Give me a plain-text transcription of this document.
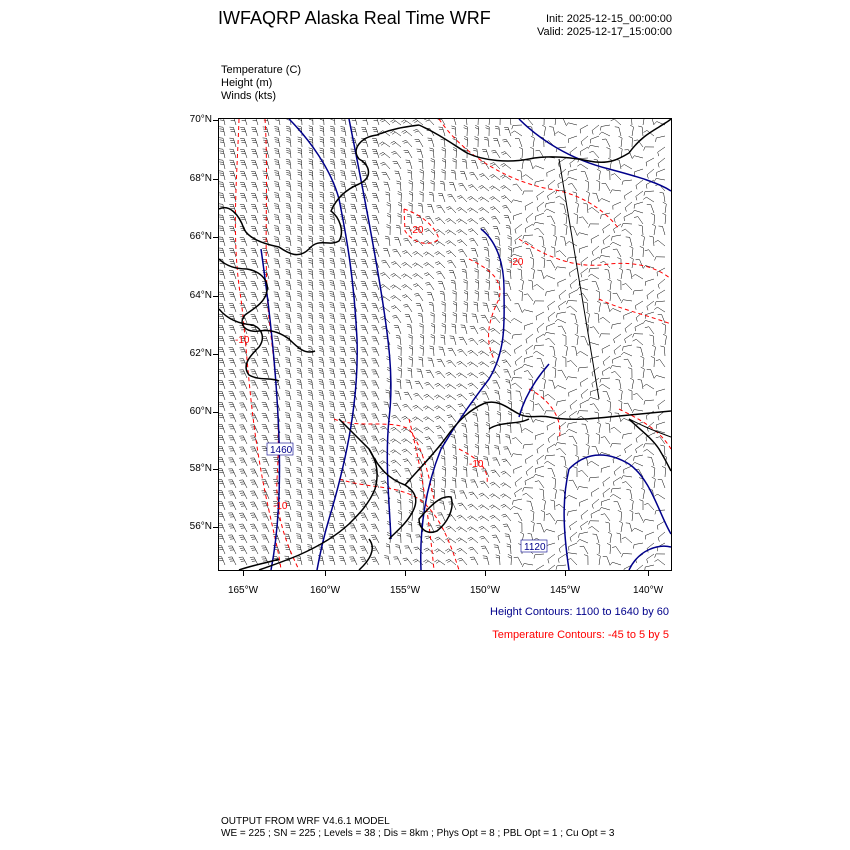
IWFAQRP Alaska Real Time WRF	Init: 2025-12-15_00:00:00
Valid: 2025-12-17_15:00:00
Temperature (C)
Height (m)
Winds (kts)
70°N
68°N
66°N
64°N
62°N
60°N
58°N
56°N
165°W	160°W	155°W	150°W	145°W	140°W
1460
1120
-20
-20
-10
-10
-10
Height Contours: 1100 to 1640 by 60
Temperature Contours: -45 to 5 by 5
OUTPUT FROM WRF V4.6.1 MODEL
WE = 225 ; SN = 225 ; Levels = 38 ; Dis = 8km ; Phys Opt = 8 ; PBL Opt = 1 ; Cu Opt = 3
